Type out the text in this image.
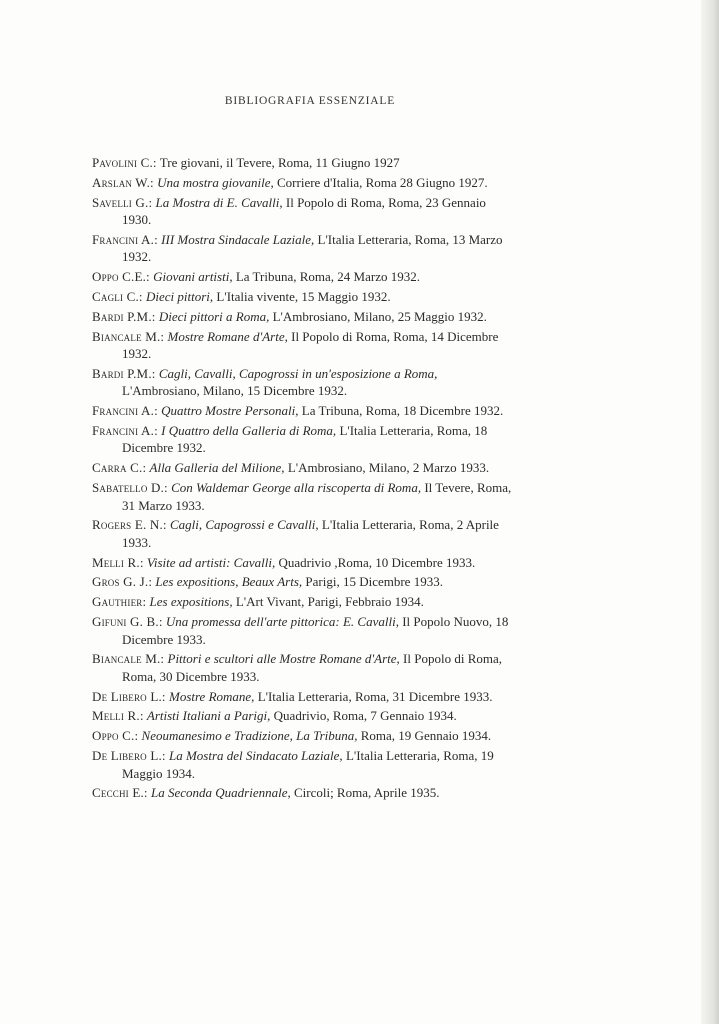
BIBLIOGRAFIA ESSENZIALE
Pavolini C.: Tre giovani, il Tevere, Roma, 11 Giugno 1927
Arslan W.: Una mostra giovanile, Corriere d'Italia, Roma 28 Giugno 1927.
Savelli G.: La Mostra di E. Cavalli, Il Popolo di Roma, Roma, 23 Gennaio 1930.
Francini A.: III Mostra Sindacale Laziale, L'Italia Letteraria, Roma, 13 Marzo 1932.
Oppo C.E.: Giovani artisti, La Tribuna, Roma, 24 Marzo 1932.
Cagli C.: Dieci pittori, L'Italia vivente, 15 Maggio 1932.
Bardi P.M.: Dieci pittori a Roma, L'Ambrosiano, Milano, 25 Maggio 1932.
Biancale M.: Mostre Romane d'Arte, Il Popolo di Roma, Roma, 14 Dicembre 1932.
Bardi P.M.: Cagli, Cavalli, Capogrossi in un'esposizione a Roma, L'Ambrosiano, Milano, 15 Dicembre 1932.
Francini A.: Quattro Mostre Personali, La Tribuna, Roma, 18 Dicembre 1932.
Francini A.: I Quattro della Galleria di Roma, L'Italia Letteraria, Roma, 18 Dicembre 1932.
Carra C.: Alla Galleria del Milione, L'Ambrosiano, Milano, 2 Marzo 1933.
Sabatello D.: Con Waldemar George alla riscoperta di Roma, Il Tevere, Roma, 31 Marzo 1933.
Rogers E. N.: Cagli, Capogrossi e Cavalli, L'Italia Letteraria, Roma, 2 Aprile 1933.
Melli R.: Visite ad artisti: Cavalli, Quadrivio ,Roma, 10 Dicembre 1933.
Gros G. J.: Les expositions, Beaux Arts, Parigi, 15 Dicembre 1933.
Gauthier: Les expositions, L'Art Vivant, Parigi, Febbraio 1934.
Gifuni G. B.: Una promessa dell'arte pittorica: E. Cavalli, Il Popolo Nuovo, 18 Dicembre 1933.
Biancale M.: Pittori e scultori alle Mostre Romane d'Arte, Il Popolo di Roma, Roma, 30 Dicembre 1933.
De Libero L.: Mostre Romane, L'Italia Letteraria, Roma, 31 Dicembre 1933.
Melli R.: Artisti Italiani a Parigi, Quadrivio, Roma, 7 Gennaio 1934.
Oppo C.: Neoumanesimo e Tradizione, La Tribuna, Roma, 19 Gennaio 1934.
De Libero L.: La Mostra del Sindacato Laziale, L'Italia Letteraria, Roma, 19 Maggio 1934.
Cecchi E.: La Seconda Quadriennale, Circoli; Roma, Aprile 1935.
